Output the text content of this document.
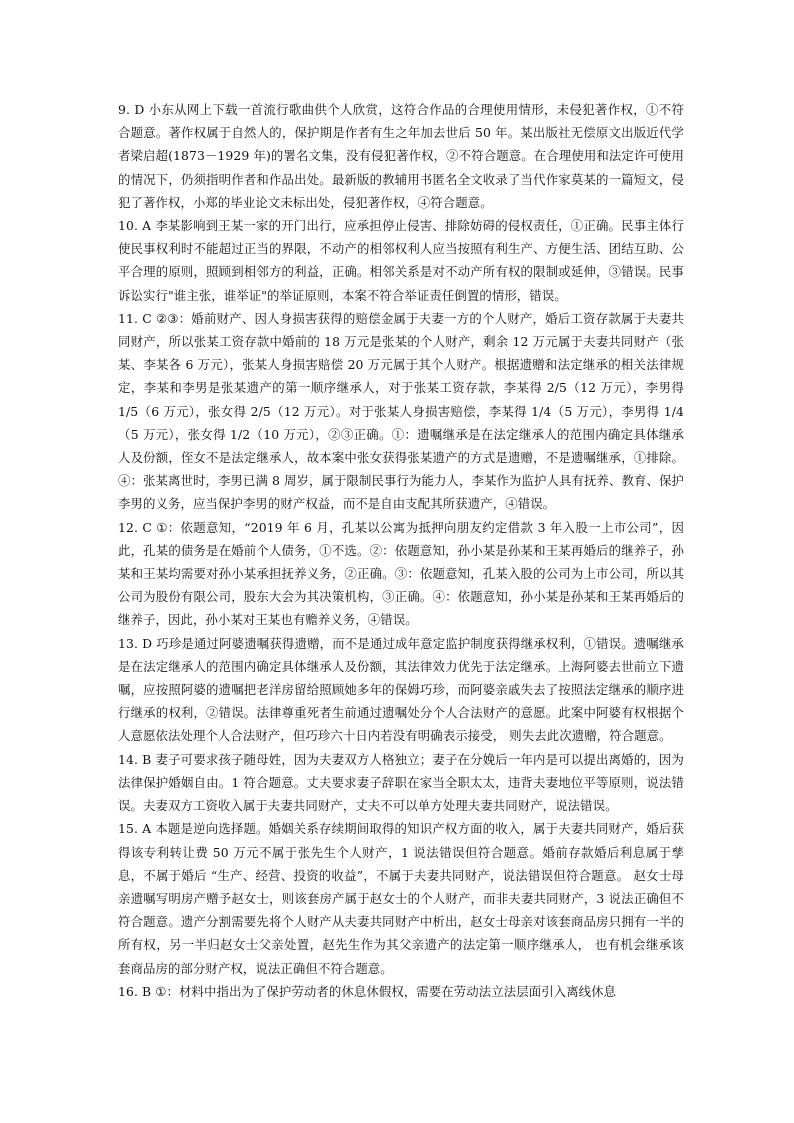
9. D 小东从网上下载一首流行歌曲供个人欣赏，这符合作品的合理使用情形，未侵犯著作权，①不符合题意。著作权属于自然人的，保护期是作者有生之年加去世后 50 年。某出版社无偿原文出版近代学者梁启超(1873－1929 年)的署名文集，没有侵犯著作权，②不符合题意。在合理使用和法定许可使用的情况下，仍须指明作者和作品出处。最新版的教辅用书匿名全文收录了当代作家莫某的一篇短文，侵犯了著作权，小郑的毕业论文未标出处，侵犯著作权，④符合题意。

10. A 李某影响到王某一家的开门出行，应承担停止侵害、排除妨碍的侵权责任，①正确。民事主体行使民事权利时不能超过正当的界限，不动产的相邻权利人应当按照有利生产、方便生活、团结互助、公平合理的原则，照顾到相邻方的利益，正确。相邻关系是对不动产所有权的限制或延伸，③错误。民事诉讼实行"谁主张，谁举证"的举证原则，本案不符合举证责任倒置的情形，错误。

11. C ②③：婚前财产、因人身损害获得的赔偿金属于夫妻一方的个人财产，婚后工资存款属于夫妻共同财产，所以张某工资存款中婚前的 18 万元是张某的个人财产，剩余 12 万元属于夫妻共同财产（张某、李某各 6 万元），张某人身损害赔偿 20 万元属于其个人财产。根据遗赠和法定继承的相关法律规定，李某和李男是张某遗产的第一顺序继承人，对于张某工资存款，李某得 2/5（12 万元），李男得 1/5（6 万元），张女得 2/5（12 万元）。对于张某人身损害赔偿，李某得 1/4（5 万元），李男得 1/4（5 万元），张女得 1/2（10 万元），②③正确。①：遗嘱继承是在法定继承人的范围内确定具体继承人及份额，侄女不是法定继承人，故本案中张女获得张某遗产的方式是遗赠，不是遗嘱继承，①排除。④：张某离世时，李男已满 8 周岁，属于限制民事行为能力人，李某作为监护人具有抚养、教育、保护李男的义务，应当保护李男的财产权益，而不是自由支配其所获遗产，④错误。

12. C ①：依题意知，“2019 年 6 月，孔某以公寓为抵押向朋友约定借款 3 年入股一上市公司”，因此，孔某的债务是在婚前个人债务，①不选。②：依题意知，孙小某是孙某和王某再婚后的继养子，孙某和王某均需要对孙小某承担抚养义务，②正确。③：依题意知，孔某入股的公司为上市公司，所以其公司为股份有限公司，股东大会为其决策机构，③正确。④：依题意知，孙小某是孙某和王某再婚后的继养子，因此，孙小某对王某也有赡养义务，④错误。

13. D 巧珍是通过阿婆遗嘱获得遗赠，而不是通过成年意定监护制度获得继承权利，①错误。遗嘱继承是在法定继承人的范围内确定具体继承人及份额，其法律效力优先于法定继承。上海阿婆去世前立下遗嘱，应按照阿婆的遗嘱把老洋房留给照顾她多年的保姆巧珍，而阿婆亲戚失去了按照法定继承的顺序进行继承的权利，②错误。法律尊重死者生前通过遗嘱处分个人合法财产的意愿。此案中阿婆有权根据个人意愿依法处理个人合法财产，但巧珍六十日内若没有明确表示接受， 则失去此次遗赠，符合题意。

14. B 妻子可要求孩子随母姓，因为夫妻双方人格独立；妻子在分娩后一年内是可以提出离婚的，因为法律保护婚姻自由。1 符合题意。丈夫要求妻子辞职在家当全职太太，违背夫妻地位平等原则，说法错误。夫妻双方工资收入属于夫妻共同财产，丈夫不可以单方处理夫妻共同财产，说法错误。

15. A 本题是逆向选择题。婚姻关系存续期间取得的知识产权方面的收入，属于夫妻共同财产，婚后获得该专利转让费 50 万元不属于张先生个人财产，1 说法错误但符合题意。婚前存款婚后利息属于孳息，不属于婚后 “生产、经营、投资的收益”，不属于夫妻共同财产，说法错误但符合题意。 赵女士母亲遗嘱写明房产赠予赵女士，则该套房产属于赵女士的个人财产，而非夫妻共同财产，3 说法正确但不符合题意。遗产分割需要先将个人财产从夫妻共同财产中析出，赵女士母亲对该套商品房只拥有一半的所有权，另一半归赵女士父亲处置，赵先生作为其父亲遗产的法定第一顺序继承人， 也有机会继承该套商品房的部分财产权，说法正确但不符合题意。

16. B ①：材料中指出为了保护劳动者的休息休假权，需要在劳动法立法层面引入离线休息
